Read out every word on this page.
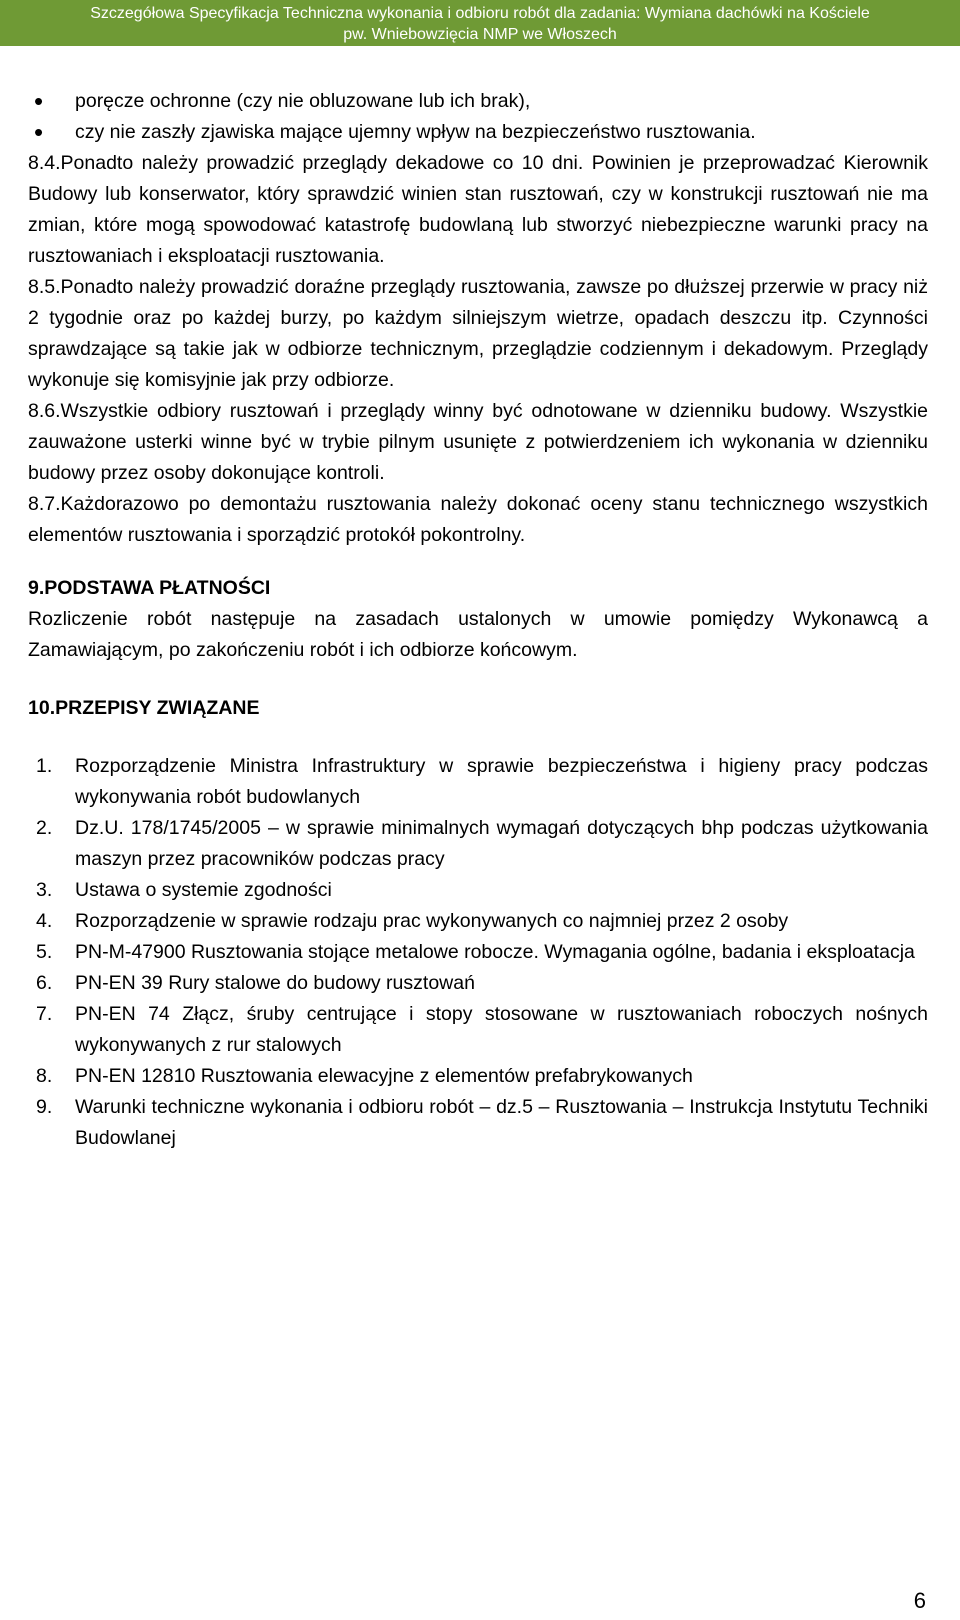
Szczegółowa Specyfikacja Techniczna wykonania i odbioru robót dla zadania: Wymiana dachówki na Kościele
pw. Wniebowzięcia NMP we Włoszech
• poręcze ochronne (czy nie obluzowane lub ich brak),
• czy nie zaszły zjawiska mające ujemny wpływ na bezpieczeństwo rusztowania.

8.4.Ponadto należy prowadzić przeglądy dekadowe co 10 dni. Powinien je przeprowadzać Kierownik Budowy lub konserwator, który sprawdzić winien stan rusztowań, czy w konstrukcji rusztowań nie ma zmian, które mogą spowodować katastrofę budowlaną lub stworzyć niebezpieczne warunki pracy na rusztowaniach i eksploatacji rusztowania.

8.5.Ponadto należy prowadzić doraźne przeglądy rusztowania, zawsze po dłuższej przerwie w pracy niż 2 tygodnie oraz po każdej burzy, po każdym silniejszym wietrze, opadach deszczu itp. Czynności sprawdzające są takie jak w odbiorze technicznym, przeglądzie codziennym i dekadowym. Przeglądy wykonuje się komisyjnie jak przy odbiorze.

8.6.Wszystkie odbiory rusztowań i przeglądy winny być odnotowane w dzienniku budowy. Wszystkie zauważone usterki winne być w trybie pilnym usunięte z potwierdzeniem ich wykonania w dzienniku budowy przez osoby dokonujące kontroli.

8.7.Każdorazowo po demontażu rusztowania należy dokonać oceny stanu technicznego wszystkich elementów rusztowania i sporządzić protokół pokontrolny.

9.PODSTAWA PŁATNOŚCI

Rozliczenie robót następuje na zasadach ustalonych w umowie pomiędzy Wykonawcą a Zamawiającym, po zakończeniu robót i ich odbiorze końcowym.

10.PRZEPISY ZWIĄZANE

1. Rozporządzenie Ministra Infrastruktury w sprawie bezpieczeństwa i higieny pracy podczas wykonywania robót budowlanych
2. Dz.U. 178/1745/2005 – w sprawie minimalnych wymagań dotyczących bhp podczas użytkowania maszyn przez pracowników podczas pracy
3. Ustawa o systemie zgodności
4. Rozporządzenie w sprawie rodzaju prac wykonywanych co najmniej przez 2 osoby
5. PN-M-47900 Rusztowania stojące metalowe robocze. Wymagania ogólne, badania i eksploatacja
6. PN-EN 39 Rury stalowe do budowy rusztowań
7. PN-EN 74 Złącz, śruby centrujące i stopy stosowane w rusztowaniach roboczych nośnych wykonywanych z rur stalowych
8. PN-EN 12810 Rusztowania elewacyjne z elementów prefabrykowanych
9. Warunki techniczne wykonania i odbioru robót – dz.5 – Rusztowania – Instrukcja Instytutu Techniki Budowlanej
6
